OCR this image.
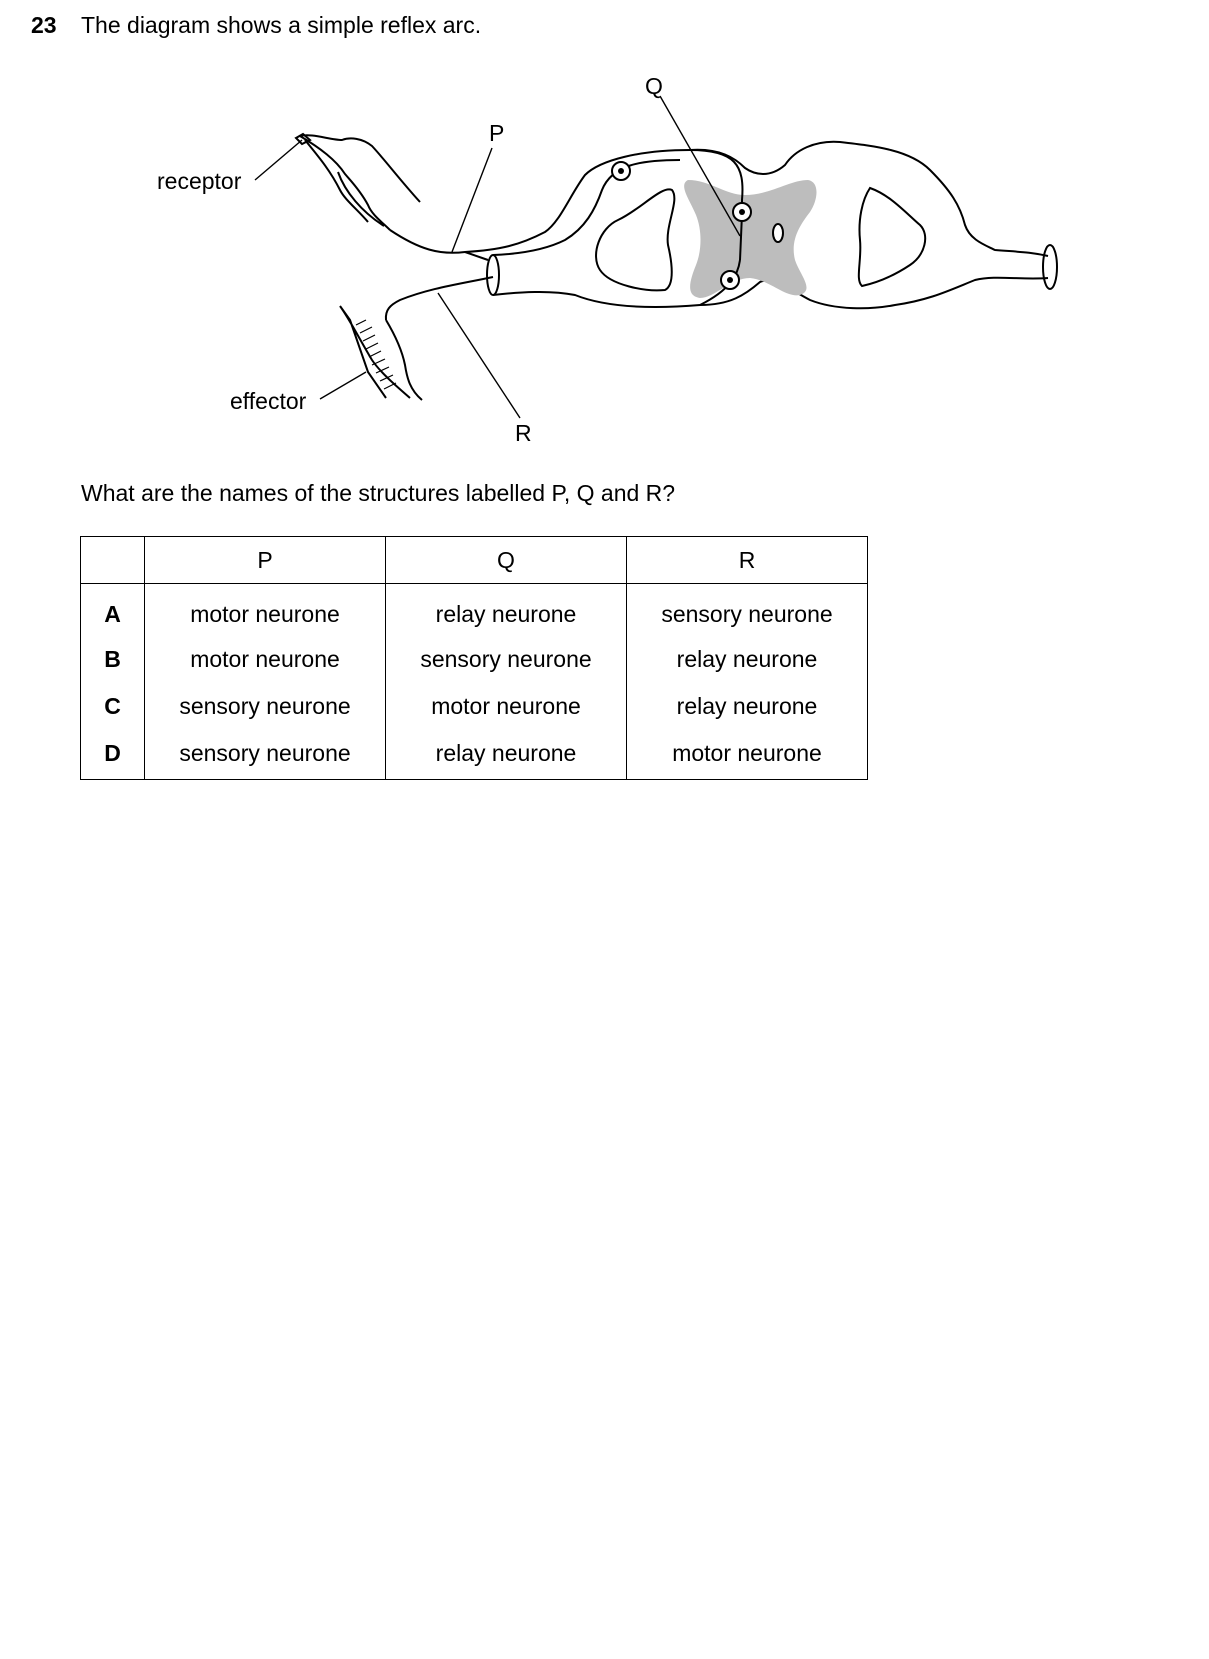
23 The diagram shows a simple reflex arc.
receptor
effector
P
Q
R
What are the names of the structures labelled P, Q and R?
	P	Q	R
A	motor neurone	relay neurone	sensory neurone
B	motor neurone	sensory neurone	relay neurone
C	sensory neurone	motor neurone	relay neurone
D	sensory neurone	relay neurone	motor neurone
